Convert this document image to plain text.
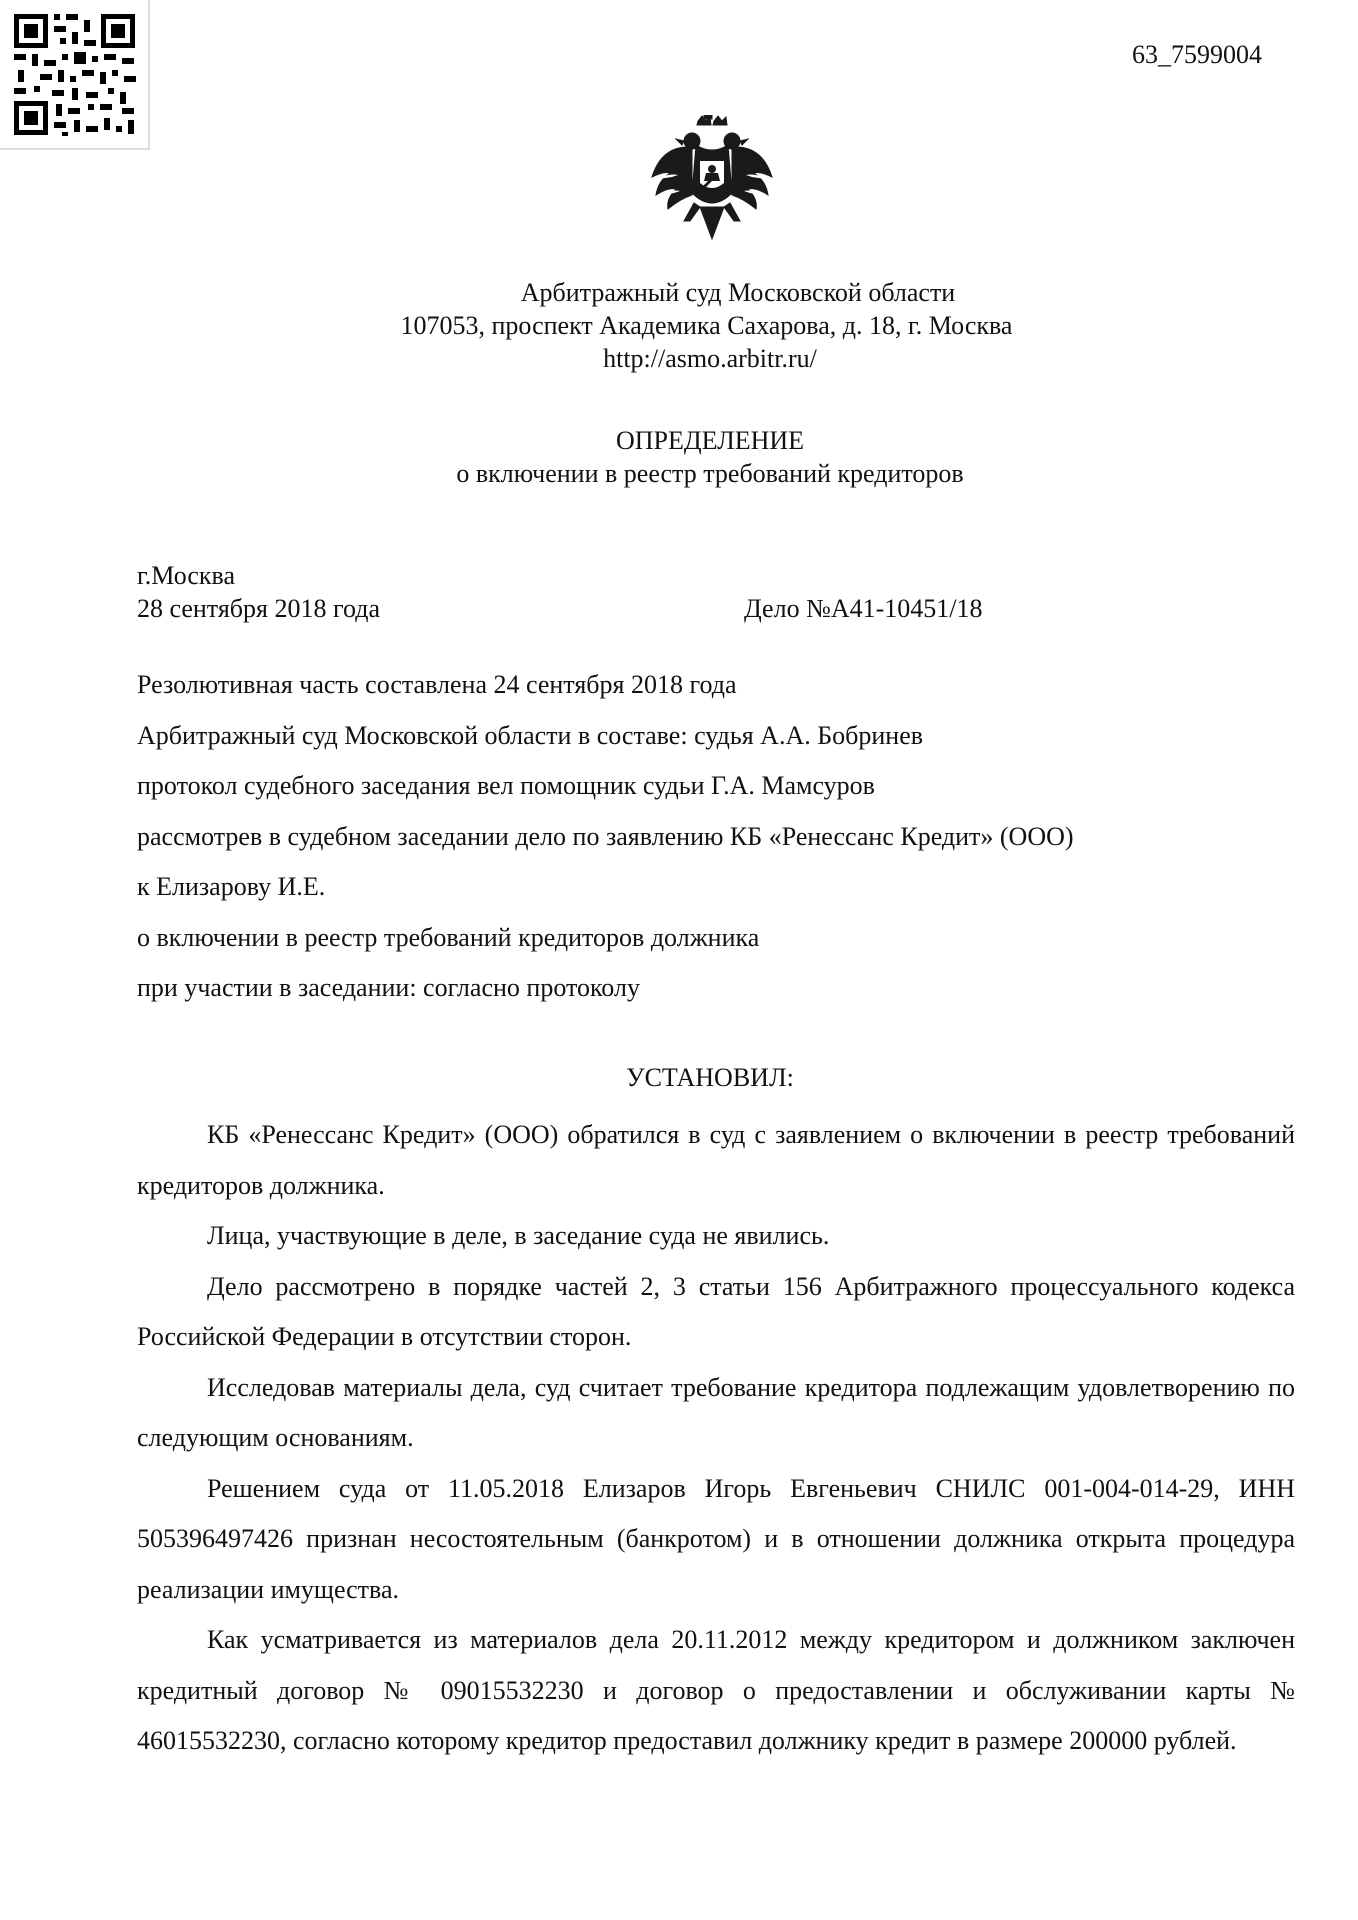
63_7599004
Арбитражный суд Московской области
107053, проспект Академика Сахарова, д. 18, г. Москва
http://asmo.arbitr.ru/
ОПРЕДЕЛЕНИЕ
о включении в реестр требований кредиторов
г.Москва
28 сентября 2018 года	Дело №А41-10451/18
Резолютивная часть составлена 24 сентября 2018 года
Арбитражный суд Московской области в составе: судья А.А. Бобринев
протокол судебного заседания вел помощник судьи Г.А. Мамсуров
рассмотрев в судебном заседании дело по заявлению КБ «Ренессанс Кредит» (ООО)
к Елизарову И.Е.
о включении в реестр требований кредиторов должника
при участии в заседании: согласно протоколу
УСТАНОВИЛ:

КБ «Ренессанс Кредит» (ООО) обратился в суд с заявлением о включении в реестр требований кредиторов должника.

Лица, участвующие в деле, в заседание суда не явились.

Дело рассмотрено в порядке частей 2, 3 статьи 156 Арбитражного процессуального кодекса Российской Федерации в отсутствии сторон.

Исследовав материалы дела, суд считает требование кредитора подлежащим удовлетворению по следующим основаниям.

Решением суда от 11.05.2018 Елизаров Игорь Евгеньевич СНИЛС 001-004-014-29, ИНН 505396497426 признан несостоятельным (банкротом) и в отношении должника открыта процедура реализации имущества.

Как усматривается из материалов дела 20.11.2012 между кредитором и должником заключен кредитный договор № 09015532230 и договор о предоставлении и обслуживании карты № 46015532230, согласно которому кредитор предоставил должнику кредит в размере 200000 рублей.
